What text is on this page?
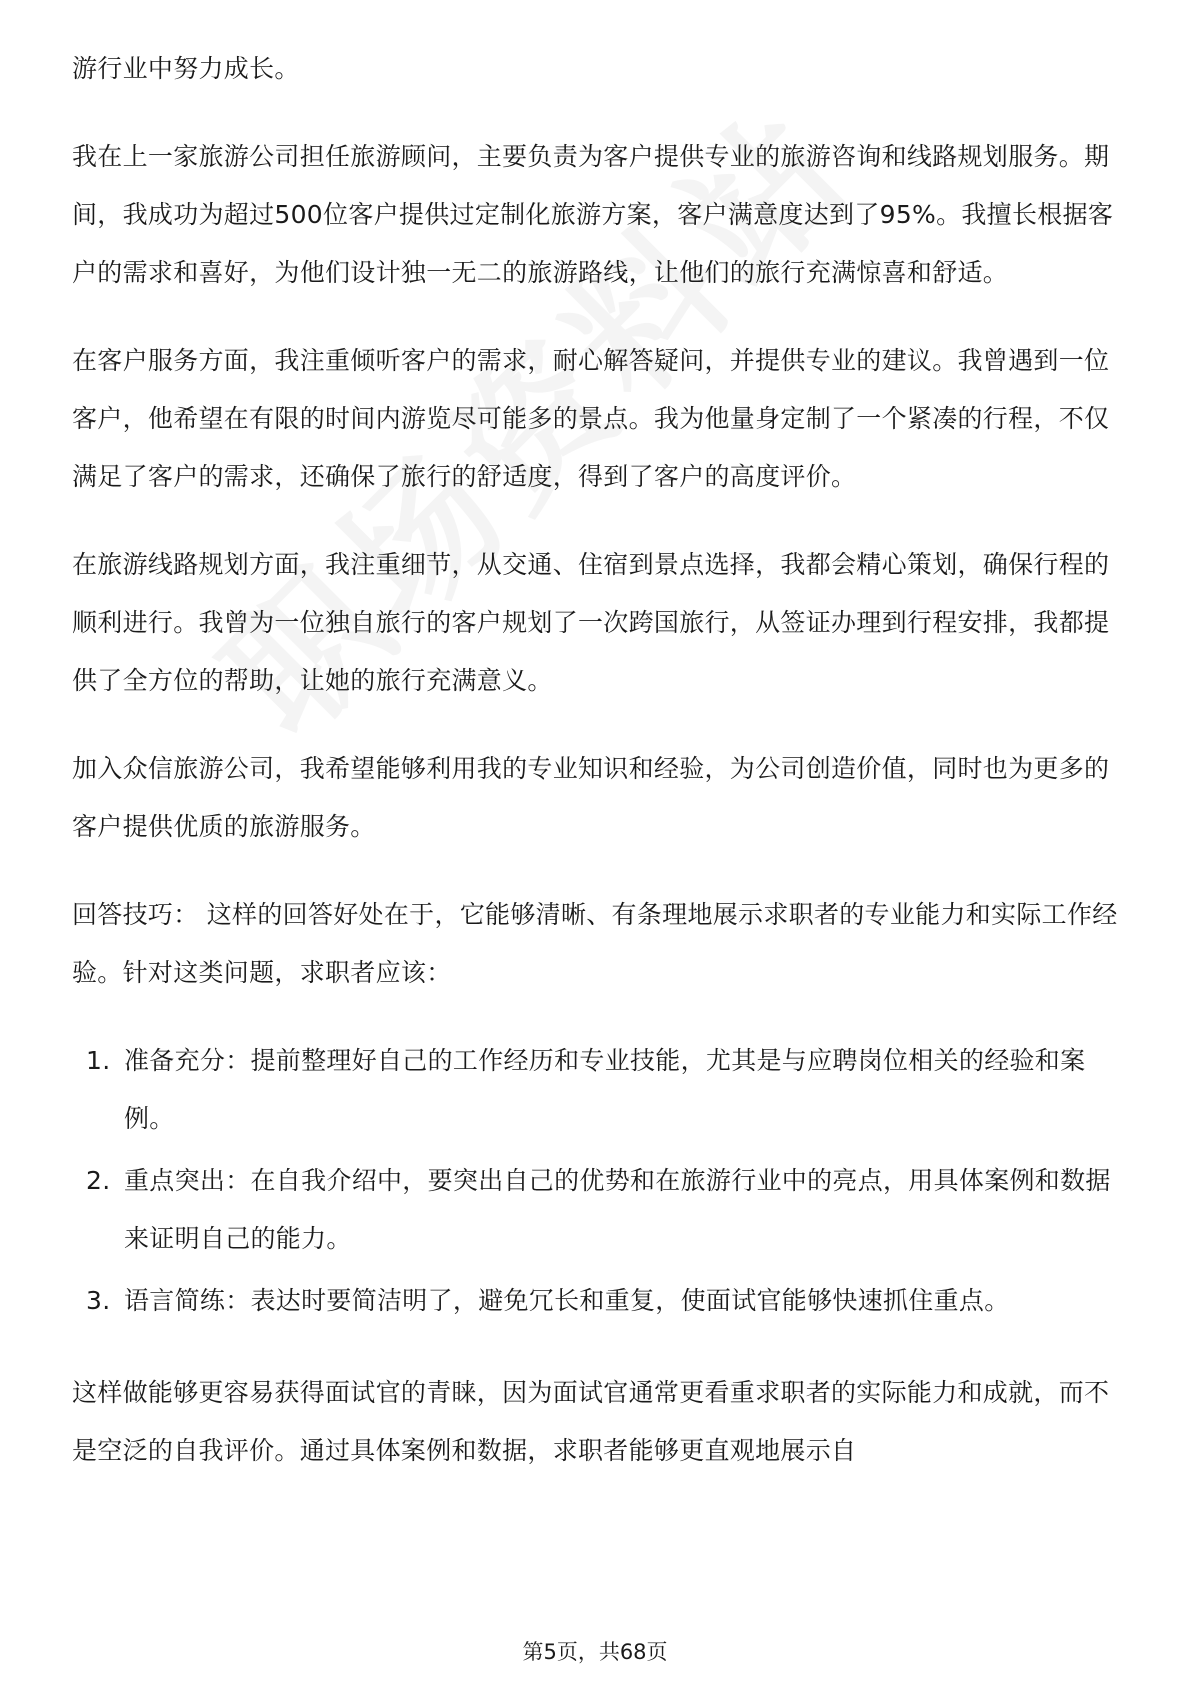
游行业中努力成长。

我在上一家旅游公司担任旅游顾问，主要负责为客户提供专业的旅游咨询和线路规划服务。期间，我成功为超过500位客户提供过定制化旅游方案，客户满意度达到了95%。我擅长根据客户的需求和喜好，为他们设计独一无二的旅游路线，让他们的旅行充满惊喜和舒适。

在客户服务方面，我注重倾听客户的需求，耐心解答疑问，并提供专业的建议。我曾遇到一位客户，他希望在有限的时间内游览尽可能多的景点。我为他量身定制了一个紧凑的行程，不仅满足了客户的需求，还确保了旅行的舒适度，得到了客户的高度评价。

在旅游线路规划方面，我注重细节，从交通、住宿到景点选择，我都会精心策划，确保行程的顺利进行。我曾为一位独自旅行的客户规划了一次跨国旅行，从签证办理到行程安排，我都提供了全方位的帮助，让她的旅行充满意义。

加入众信旅游公司，我希望能够利用我的专业知识和经验，为公司创造价值，同时也为更多的客户提供优质的旅游服务。

回答技巧： 这样的回答好处在于，它能够清晰、有条理地展示求职者的专业能力和实际工作经验。针对这类问题，求职者应该：

1. 准备充分：提前整理好自己的工作经历和专业技能，尤其是与应聘岗位相关的经验和案例。
2. 重点突出：在自我介绍中，要突出自己的优势和在旅游行业中的亮点，用具体案例和数据来证明自己的能力。
3. 语言简练：表达时要简洁明了，避免冗长和重复，使面试官能够快速抓住重点。

这样做能够更容易获得面试官的青睐，因为面试官通常更看重求职者的实际能力和成就，而不是空泛的自我评价。通过具体案例和数据，求职者能够更直观地展示自

第5页，共68页
